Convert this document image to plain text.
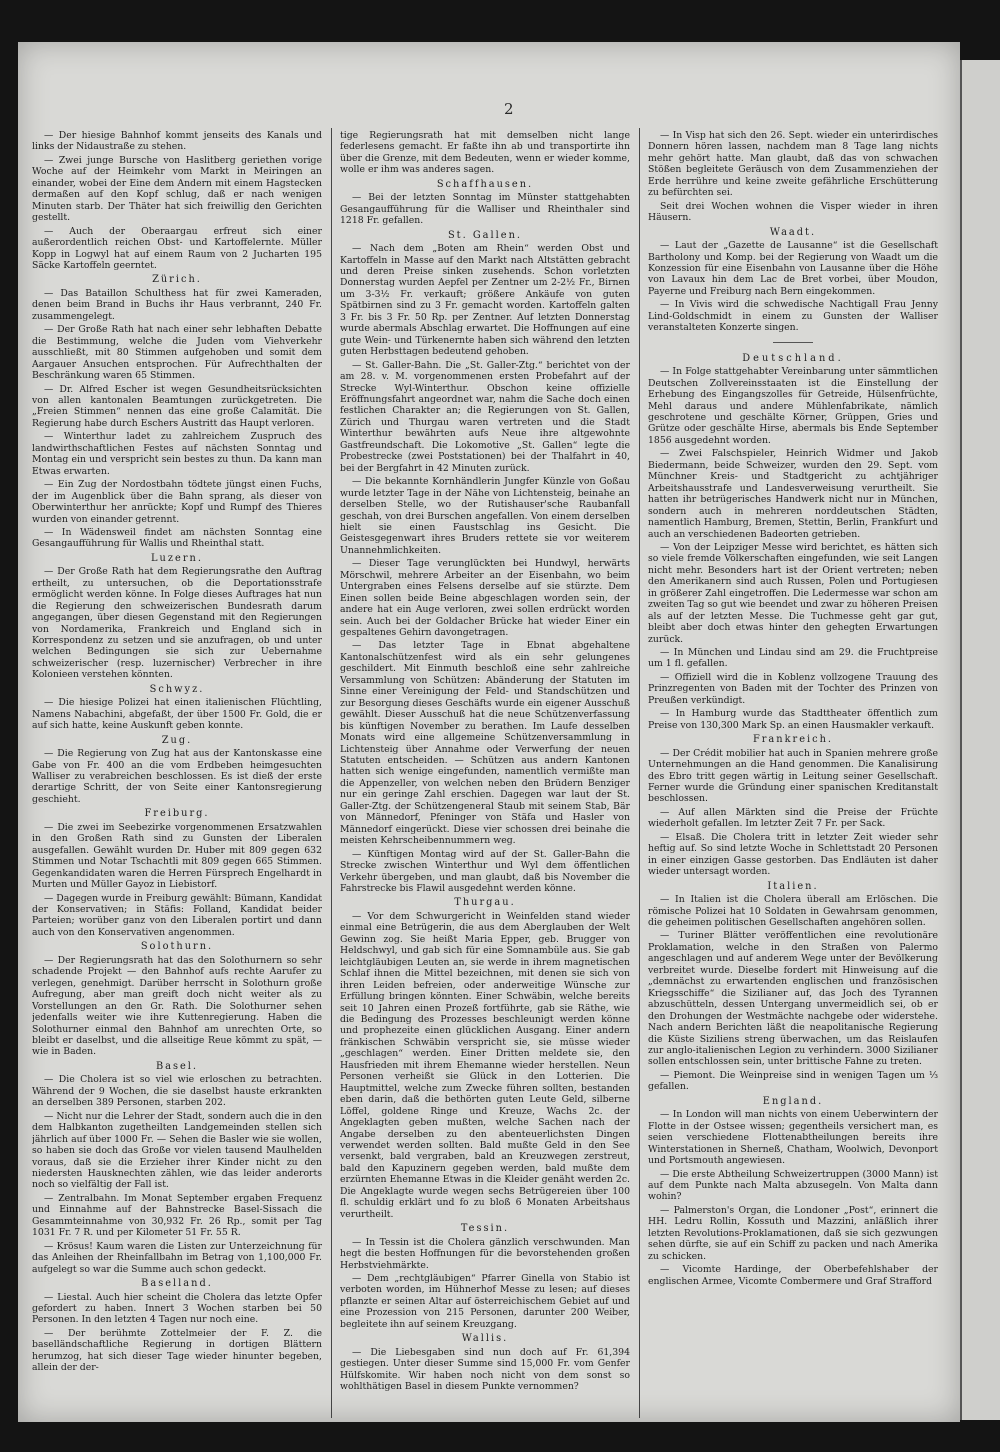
2

— Der hiesige Bahnhof kommt jenseits des Kanals und links der Nidaustraße zu stehen.

— Zwei junge Bursche von Haslitberg geriethen vorige Woche auf der Heimkehr vom Markt in Meiringen an einander, wobei der Eine dem Andern mit einem Hagstecken dermaßen auf den Kopf schlug, daß er nach wenigen Minuten starb. Der Thäter hat sich freiwillig den Gerichten gestellt.

— Auch der Oberaargau erfreut sich einer außerordentlich reichen Obst- und Kartoffelernte. Müller Kopp in Logwyl hat auf einem Raum von 2 Jucharten 195 Säcke Kartoffeln geerntet.

Zürich.

— Das Bataillon Schulthess hat für zwei Kameraden, denen beim Brand in Buchs ihr Haus verbrannt, 240 Fr. zusammengelegt.

— Der Große Rath hat nach einer sehr lebhaften Debatte die Bestimmung, welche die Juden vom Viehverkehr ausschließt, mit 80 Stimmen aufgehoben und somit dem Aargauer Ansuchen entsprochen. Für Aufrechthalten der Beschränkung waren 65 Stimmen.

— Dr. Alfred Escher ist wegen Gesundheitsrücksichten von allen kantonalen Beamtungen zurückgetreten. Die „Freien Stimmen“ nennen das eine große Calamität. Die Regierung habe durch Eschers Austritt das Haupt verloren.

— Winterthur ladet zu zahlreichem Zuspruch des landwirthschaftlichen Festes auf nächsten Sonntag und Montag ein und verspricht sein bestes zu thun. Da kann man Etwas erwarten.

— Ein Zug der Nordostbahn tödtete jüngst einen Fuchs, der im Augenblick über die Bahn sprang, als dieser von Oberwinterthur her anrückte; Kopf und Rumpf des Thieres wurden von einander getrennt.

— In Wädensweil findet am nächsten Sonntag eine Gesangaufführung für Wallis und Rheinthal statt.

Luzern.

— Der Große Rath hat dem Regierungsrathe den Auftrag ertheilt, zu untersuchen, ob die Deportationsstrafe ermöglicht werden könne. In Folge dieses Auftrages hat nun die Regierung den schweizerischen Bundesrath darum angegangen, über diesen Gegenstand mit den Regierungen von Nordamerika, Frankreich und England sich in Korrespondenz zu setzen und sie anzufragen, ob und unter welchen Bedingungen sie sich zur Uebernahme schweizerischer (resp. luzernischer) Verbrecher in ihre Kolonieen verstehen könnten.

Schwyz.

— Die hiesige Polizei hat einen italienischen Flüchtling, Namens Nabachini, abgefaßt, der über 1500 Fr. Gold, die er auf sich hatte, keine Auskunft geben konnte.

Zug.

— Die Regierung von Zug hat aus der Kantonskasse eine Gabe von Fr. 400 an die vom Erdbeben heimgesuchten Walliser zu verabreichen beschlossen. Es ist dieß der erste derartige Schritt, der von Seite einer Kantonsregierung geschieht.

Freiburg.

— Die zwei im Seebezirke vorgenommenen Ersatzwahlen in den Großen Rath sind zu Gunsten der Liberalen ausgefallen. Gewählt wurden Dr. Huber mit 809 gegen 632 Stimmen und Notar Tschachtli mit 809 gegen 665 Stimmen. Gegenkandidaten waren die Herren Fürsprech Engelhardt in Murten und Müller Gayoz in Liebistorf.

— Dagegen wurde in Freiburg gewählt: Bümann, Kandidat der Konservativen; in Stäfis: Folland, Kandidat beider Parteien; worüber ganz von den Liberalen portirt und dann auch von den Konservativen angenommen.

Solothurn.

— Der Regierungsrath hat das den Solothurnern so sehr schadende Projekt — den Bahnhof aufs rechte Aarufer zu verlegen, genehmigt. Darüber herrscht in Solothurn große Aufregung, aber man greift doch nicht weiter als zu Vorstellungen an den Gr. Rath. Die Solothurner sehen jedenfalls weiter wie ihre Kuttenregierung. Haben die Solothurner einmal den Bahnhof am unrechten Orte, so bleibt er daselbst, und die allseitige Reue kömmt zu spät, — wie in Baden.

Basel.

— Die Cholera ist so viel wie erloschen zu betrachten. Während der 9 Wochen, die sie daselbst hauste erkrankten an derselben 389 Personen, starben 202.

— Nicht nur die Lehrer der Stadt, sondern auch die in den dem Halbkanton zugetheilten Landgemeinden stellen sich jährlich auf über 1000 Fr. — Sehen die Basler wie sie wollen, so haben sie doch das Große vor vielen tausend Maulhelden voraus, daß sie die Erzieher ihrer Kinder nicht zu den niedersten Hausknechten zählen, wie das leider anderorts noch so vielfältig der Fall ist.

— Zentralbahn. Im Monat September ergaben Frequenz und Einnahme auf der Bahnstrecke Basel-Sissach die Gesammteinnahme von 30,932 Fr. 26 Rp., somit per Tag 1031 Fr. 7 R. und per Kilometer 51 Fr. 55 R.

— Krösus! Kaum waren die Listen zur Unterzeichnung für das Anleihen der Rheinfallbahn im Betrag von 1,100,000 Fr. aufgelegt so war die Summe auch schon gedeckt.

Baselland.

— Liestal. Auch hier scheint die Cholera das letzte Opfer gefordert zu haben. Innert 3 Wochen starben bei 50 Personen. In den letzten 4 Tagen nur noch eine.

— Der berühmte Zottelmeier der F. Z. die baselländschaftliche Regierung in dortigen Blättern herumzog, hat sich dieser Tage wieder hinunter begeben, allein der der-

tige Regierungsrath hat mit demselben nicht lange federlesens gemacht. Er faßte ihn ab und transportirte ihn über die Grenze, mit dem Bedeuten, wenn er wieder komme, wolle er ihm was anderes sagen.

Schaffhausen.

— Bei der letzten Sonntag im Münster stattgehabten Gesangaufführung für die Walliser und Rheinthaler sind 1218 Fr. gefallen.

St. Gallen.

— Nach dem „Boten am Rhein“ werden Obst und Kartoffeln in Masse auf den Markt nach Altstätten gebracht und deren Preise sinken zusehends. Schon vorletzten Donnerstag wurden Aepfel per Zentner um 2-2½ Fr., Birnen um 3-3½ Fr. verkauft; größere Ankäufe von guten Spätbirnen sind zu 3 Fr. gemacht worden. Kartoffeln galten 3 Fr. bis 3 Fr. 50 Rp. per Zentner. Auf letzten Donnerstag wurde abermals Abschlag erwartet. Die Hoffnungen auf eine gute Wein- und Türkenernte haben sich während den letzten guten Herbsttagen bedeutend gehoben.

— St. Galler-Bahn. Die „St. Galler-Ztg.“ berichtet von der am 28. v. M. vorgenommenen ersten Probefahrt auf der Strecke Wyl-Winterthur. Obschon keine offizielle Eröffnungsfahrt angeordnet war, nahm die Sache doch einen festlichen Charakter an; die Regierungen von St. Gallen, Zürich und Thurgau waren vertreten und die Stadt Winterthur bewährten aufs Neue ihre altgewohnte Gastfreundschaft. Die Lokomotive „St. Gallen“ legte die Probestrecke (zwei Poststationen) bei der Thalfahrt in 40, bei der Bergfahrt in 42 Minuten zurück.

— Die bekannte Kornhändlerin Jungfer Künzle von Goßau wurde letzter Tage in der Nähe von Lichtensteig, beinahe an derselben Stelle, wo der Rutishauser'sche Raubanfall geschah, von drei Burschen angefallen. Von einem derselben hielt sie einen Faustschlag ins Gesicht. Die Geistesgegenwart ihres Bruders rettete sie vor weiterem Unannehmlichkeiten.

— Dieser Tage verunglückten bei Hundwyl, herwärts Mörschwil, mehrere Arbeiter an der Eisenbahn, wo beim Untergraben eines Felsens derselbe auf sie stürzte. Dem Einen sollen beide Beine abgeschlagen worden sein, der andere hat ein Auge verloren, zwei sollen erdrückt worden sein. Auch bei der Goldacher Brücke hat wieder Einer ein gespaltenes Gehirn davongetragen.

— Das letzter Tage in Ebnat abgehaltene Kantonalschützenfest wird als ein sehr gelungenes geschildert. Mit Einmuth beschloß eine sehr zahlreiche Versammlung von Schützen: Abänderung der Statuten im Sinne einer Vereinigung der Feld- und Standschützen und zur Besorgung dieses Geschäfts wurde ein eigener Ausschuß gewählt. Dieser Ausschuß hat die neue Schützenverfassung bis künftigen November zu berathen. Im Laufe desselben Monats wird eine allgemeine Schützenversammlung in Lichtensteig über Annahme oder Verwerfung der neuen Statuten entscheiden. — Schützen aus andern Kantonen hatten sich wenige eingefunden, namentlich vermißte man die Appenzeller, von welchen neben den Brüdern Benziger nur ein geringe Zahl erschien. Dagegen war laut der St. Galler-Ztg. der Schützengeneral Staub mit seinem Stab, Bär von Männedorf, Pfeninger von Stäfa und Hasler von Männedorf eingerückt. Diese vier schossen drei beinahe die meisten Kehrscheibennummern weg.

— Künftigen Montag wird auf der St. Galler-Bahn die Strecke zwischen Winterthur und Wyl dem öffentlichen Verkehr übergeben, und man glaubt, daß bis November die Fahrstrecke bis Flawil ausgedehnt werden könne.

Thurgau.

— Vor dem Schwurgericht in Weinfelden stand wieder einmal eine Betrügerin, die aus dem Aberglauben der Welt Gewinn zog. Sie heißt Maria Epper, geb. Brugger von Heldschwyl, und gab sich für eine Somnambüle aus. Sie gab leichtgläubigen Leuten an, sie werde in ihrem magnetischen Schlaf ihnen die Mittel bezeichnen, mit denen sie sich von ihren Leiden befreien, oder anderweitige Wünsche zur Erfüllung bringen könnten. Einer Schwäbin, welche bereits seit 10 Jahren einen Prozeß fortführte, gab sie Räthe, wie die Bedingung des Prozesses beschleunigt werden könne und prophezeite einen glücklichen Ausgang. Einer andern fränkischen Schwäbin verspricht sie, sie müsse wieder „geschlagen“ werden. Einer Dritten meldete sie, den Hausfrieden mit ihrem Ehemanne wieder herstellen. Neun Personen verheißt sie Glück in den Lotterien. Die Hauptmittel, welche zum Zwecke führen sollten, bestanden eben darin, daß die bethörten guten Leute Geld, silberne Löffel, goldene Ringe und Kreuze, Wachs 2c. der Angeklagten geben mußten, welche Sachen nach der Angabe derselben zu den abenteuerlichsten Dingen verwendet werden sollten. Bald mußte Geld in den See versenkt, bald vergraben, bald an Kreuzwegen zerstreut, bald den Kapuzinern gegeben werden, bald mußte dem erzürnten Ehemanne Etwas in die Kleider genäht werden 2c. Die Angeklagte wurde wegen sechs Betrügereien über 100 fl. schuldig erklärt und fo zu bloß 6 Monaten Arbeitshaus verurtheilt.

Tessin.

— In Tessin ist die Cholera gänzlich verschwunden. Man hegt die besten Hoffnungen für die bevorstehenden großen Herbstviehmärkte.

— Dem „rechtgläubigen“ Pfarrer Ginella von Stabio ist verboten worden, im Hühnerhof Messe zu lesen; auf dieses pflanzte er seinen Altar auf österreichischem Gebiet auf und eine Prozession von 215 Personen, darunter 200 Weiber, begleitete ihn auf seinem Kreuzgang.

Wallis.

— Die Liebesgaben sind nun doch auf Fr. 61,394 gestiegen. Unter dieser Summe sind 15,000 Fr. vom Genfer Hülfskomite. Wir haben noch nicht von dem sonst so wohlthätigen Basel in diesem Punkte vernommen?

— In Visp hat sich den 26. Sept. wieder ein unterirdisches Donnern hören lassen, nachdem man 8 Tage lang nichts mehr gehört hatte. Man glaubt, daß das von schwachen Stößen begleitete Geräusch von dem Zusammenziehen der Erde herrühre und keine zweite gefährliche Erschütterung zu befürchten sei.

Seit drei Wochen wohnen die Visper wieder in ihren Häusern.

Waadt.

— Laut der „Gazette de Lausanne“ ist die Gesellschaft Bartholony und Komp. bei der Regierung von Waadt um die Konzession für eine Eisenbahn von Lausanne über die Höhe von Lavaux hin dem Lac de Bret vorbei, über Moudon, Payerne und Freiburg nach Bern eingekommen.

— In Vivis wird die schwedische Nachtigall Frau Jenny Lind-Goldschmidt in einem zu Gunsten der Walliser veranstalteten Konzerte singen.

Deutschland.

— In Folge stattgehabter Vereinbarung unter sämmtlichen Deutschen Zollvereinsstaaten ist die Einstellung der Erhebung des Eingangszolles für Getreide, Hülsenfrüchte, Mehl daraus und andere Mühlenfabrikate, nämlich geschrotene und geschälte Körner, Grüppen, Gries und Grütze oder geschälte Hirse, abermals bis Ende September 1856 ausgedehnt worden.

— Zwei Falschspieler, Heinrich Widmer und Jakob Biedermann, beide Schweizer, wurden den 29. Sept. vom Münchner Kreis- und Stadtgericht zu achtjähriger Arbeitshausstrafe und Landesverweisung verurtheilt. Sie hatten ihr betrügerisches Handwerk nicht nur in München, sondern auch in mehreren norddeutschen Städten, namentlich Hamburg, Bremen, Stettin, Berlin, Frankfurt und auch an verschiedenen Badeorten getrieben.

— Von der Leipziger Messe wird berichtet, es hätten sich so viele fremde Völkerschaften eingefunden, wie seit Langen nicht mehr. Besonders hart ist der Orient vertreten; neben den Amerikanern sind auch Russen, Polen und Portugiesen in größerer Zahl eingetroffen. Die Ledermesse war schon am zweiten Tag so gut wie beendet und zwar zu höheren Preisen als auf der letzten Messe. Die Tuchmesse geht gar gut, bleibt aber doch etwas hinter den gehegten Erwartungen zurück.

— In München und Lindau sind am 29. die Fruchtpreise um 1 fl. gefallen.

— Offiziell wird die in Koblenz vollzogene Trauung des Prinzregenten von Baden mit der Tochter des Prinzen von Preußen verkündigt.

— In Hamburg wurde das Stadttheater öffentlich zum Preise von 130,300 Mark Sp. an einen Hausmakler verkauft.

Frankreich.

— Der Crédit mobilier hat auch in Spanien mehrere große Unternehmungen an die Hand genommen. Die Kanalisirung des Ebro tritt gegen wärtig in Leitung seiner Gesellschaft. Ferner wurde die Gründung einer spanischen Kreditanstalt beschlossen.

— Auf allen Märkten sind die Preise der Früchte wiederholt gefallen. Im letzter Zeit 7 Fr. per Sack.

— Elsaß. Die Cholera tritt in letzter Zeit wieder sehr heftig auf. So sind letzte Woche in Schlettstadt 20 Personen in einer einzigen Gasse gestorben. Das Endläuten ist daher wieder untersagt worden.

Italien.

— In Italien ist die Cholera überall am Erlöschen. Die römische Polizei hat 10 Soldaten in Gewahrsam genommen, die geheimen politischen Gesellschaften angehören sollen.

— Turiner Blätter veröffentlichen eine revolutionäre Proklamation, welche in den Straßen von Palermo angeschlagen und auf anderem Wege unter der Bevölkerung verbreitet wurde. Dieselbe fordert mit Hinweisung auf die „demnächst zu erwartenden englischen und französischen Kriegsschiffe“ die Sizilianer auf, das Joch des Tyrannen abzuschütteln, dessen Untergang unvermeidlich sei, ob er den Drohungen der Westmächte nachgebe oder widerstehe. Nach andern Berichten läßt die neapolitanische Regierung die Küste Siziliens streng überwachen, um das Reislaufen zur anglo-italienischen Legion zu verhindern. 3000 Sizilianer sollen entschlossen sein, unter brittische Fahne zu treten.

— Piemont. Die Weinpreise sind in wenigen Tagen um ⅓ gefallen.

England.

— In London will man nichts von einem Ueberwintern der Flotte in der Ostsee wissen; gegentheils versichert man, es seien verschiedene Flottenabtheilungen bereits ihre Winterstationen in Sherneß, Chatham, Woolwich, Devonport und Portsmouth angewiesen.

— Die erste Abtheilung Schweizertruppen (3000 Mann) ist auf dem Punkte nach Malta abzusegeln. Von Malta dann wohin?

— Palmerston's Organ, die Londoner „Post“, erinnert die HH. Ledru Rollin, Kossuth und Mazzini, anläßlich ihrer letzten Revolutions-Proklamationen, daß sie sich gezwungen sehen dürfte, sie auf ein Schiff zu packen und nach Amerika zu schicken.

— Vicomte Hardinge, der Oberbefehlshaber der englischen Armee, Vicomte Combermere und Graf Strafford
